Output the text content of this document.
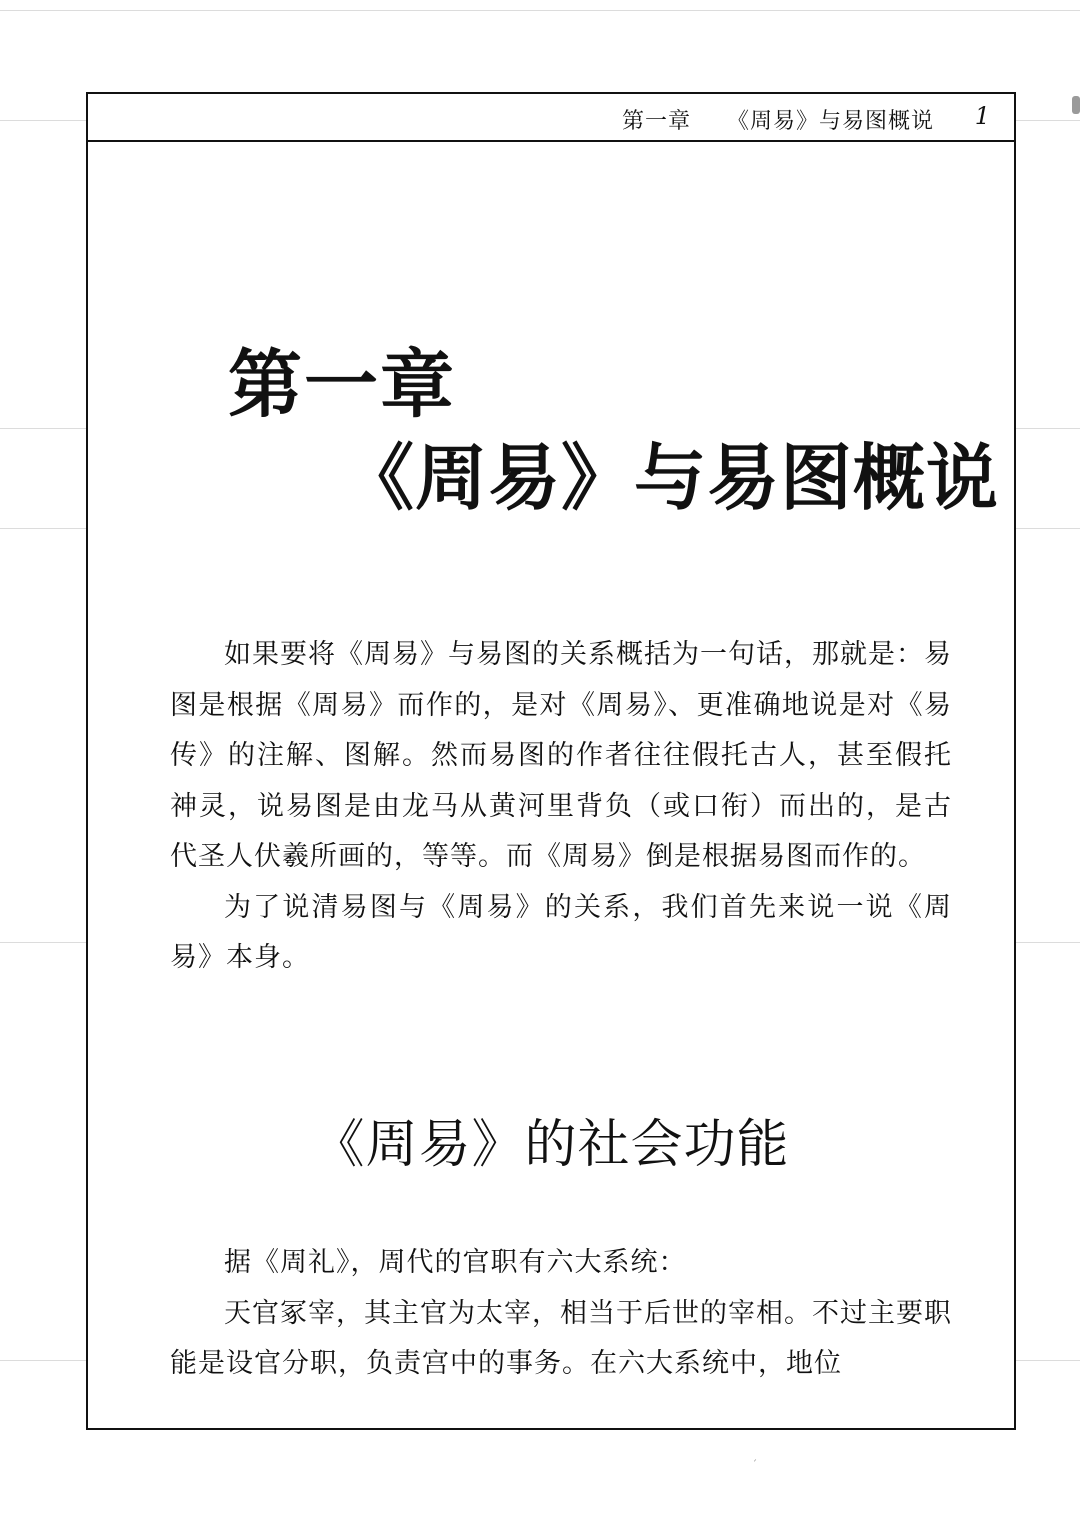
第一章 《周易》与易图概说 1
第一章
《周易》与易图概说

如果要将《周易》与易图的关系概括为一句话，那就是：易图是根据《周易》而作的，是对《周易》、更准确地说是对《易传》的注解、图解。然而易图的作者往往假托古人，甚至假托神灵，说易图是由龙马从黄河里背负（或口衔）而出的，是古代圣人伏羲所画的，等等。而《周易》倒是根据易图而作的。

为了说清易图与《周易》的关系，我们首先来说一说《周易》本身。

《周易》的社会功能

据《周礼》，周代的官职有六大系统：

天官冢宰，其主官为太宰，相当于后世的宰相。不过主要职能是设官分职，负责宫中的事务。在六大系统中，地位

ˊ
